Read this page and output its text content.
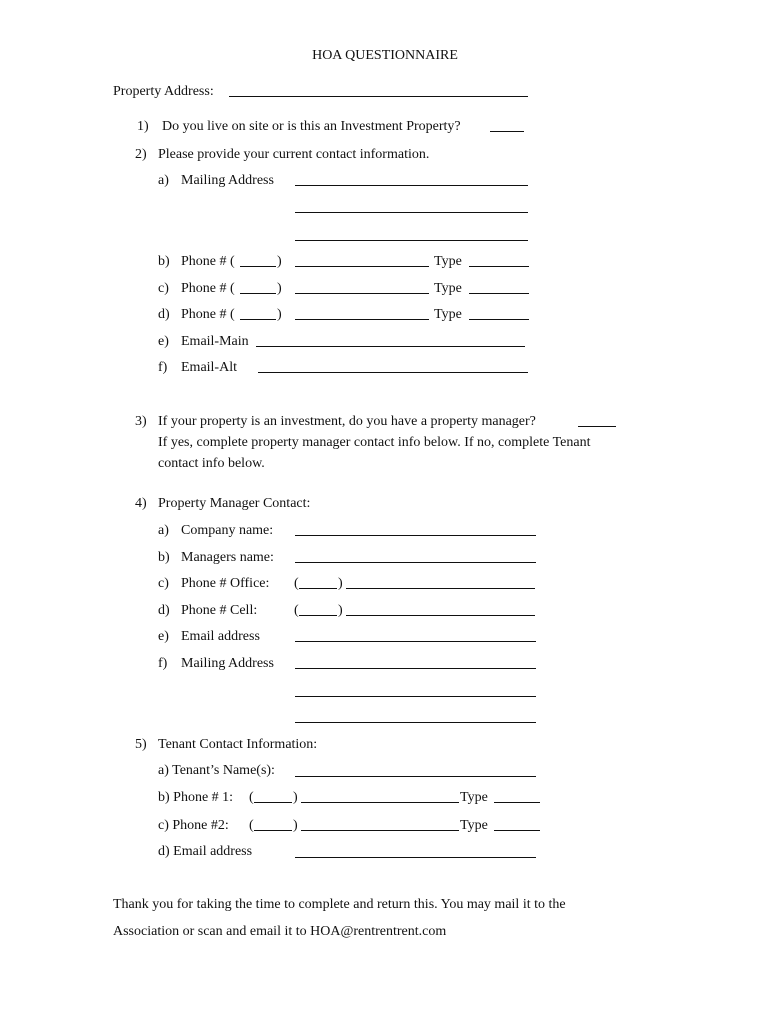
HOA QUESTIONNAIRE
Property Address:
1) Do you live on site or is this an Investment Property?
2) Please provide your current contact information.
a) Mailing Address
b) Phone # (	)	Type
c) Phone # (	)	Type
d) Phone # (	)	Type
e) Email-Main
f) Email-Alt
3) If your property is an investment, do you have a property manager?
If yes, complete property manager contact info below. If no, complete Tenant
contact info below.
4) Property Manager Contact:
a) Company name:
b) Managers name:
c) Phone # Office: (	)
d) Phone # Cell:	(	)
e) Email address
f) Mailing Address
5) Tenant Contact Information:
a) Tenant’s Name(s):
b) Phone # 1: (	)	Type
c) Phone #2: (	)	Type
d) Email address
Thank you for taking the time to complete and return this. You may mail it to the
Association or scan and email it to HOA@rentrentrent.com
